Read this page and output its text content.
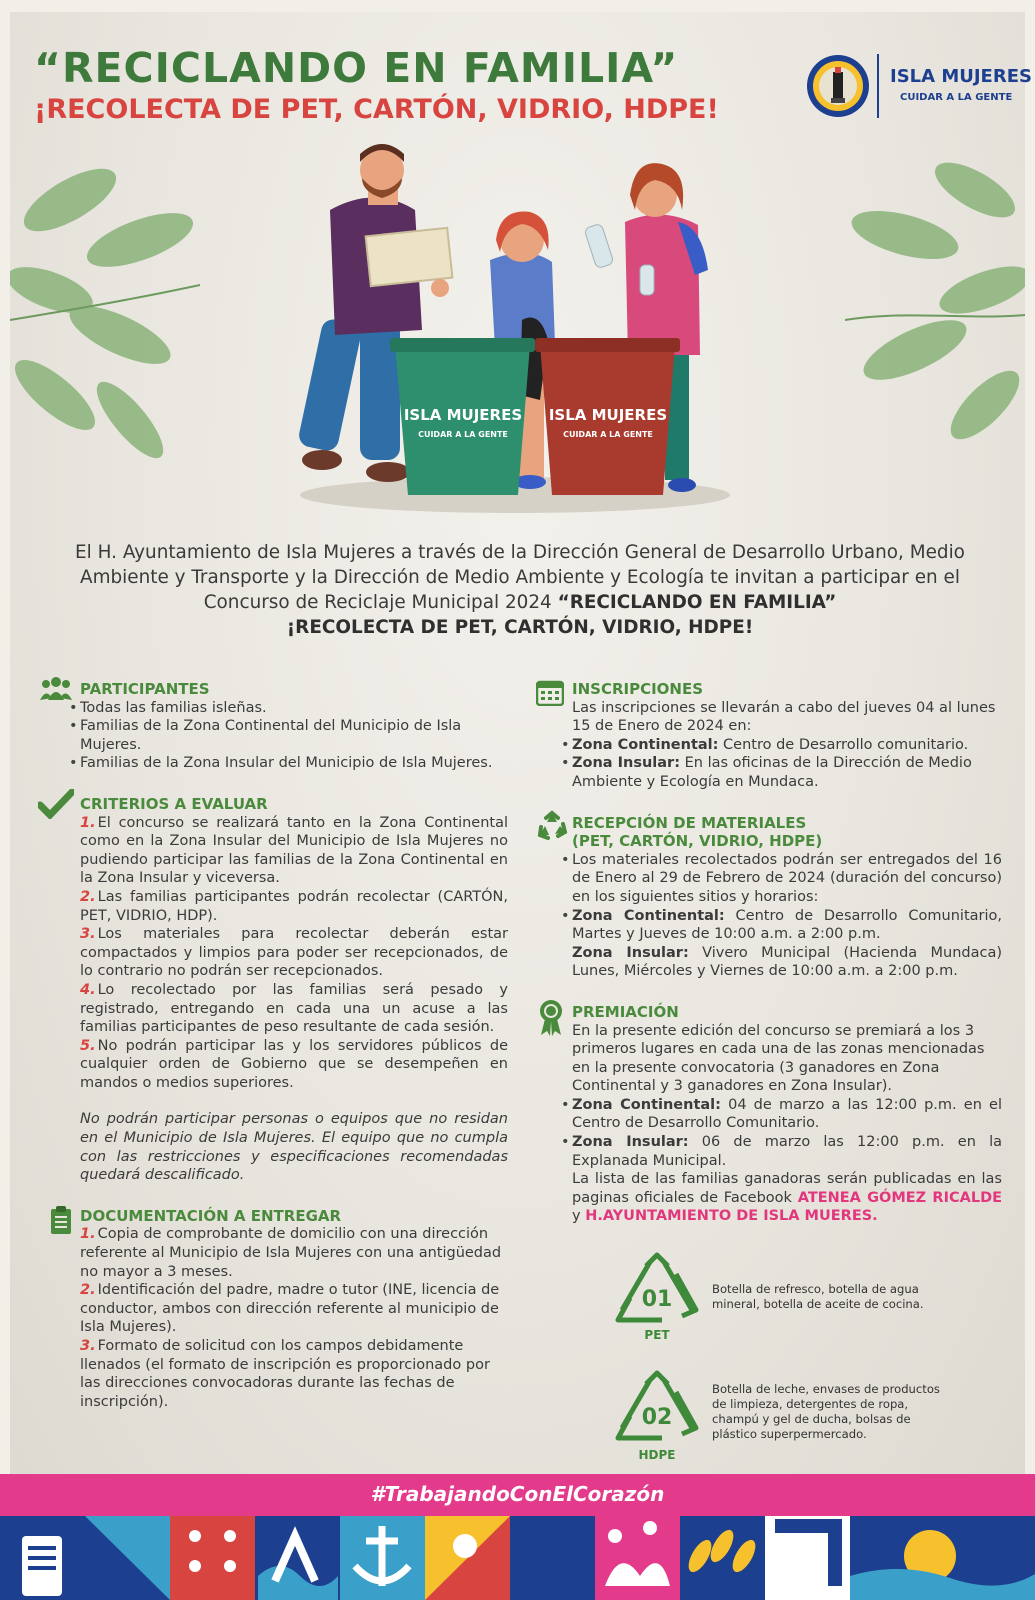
“RECICLANDO EN FAMILIA”
¡RECOLECTA DE PET, CARTÓN, VIDRIO, HDPE!
ISLA MUJERES
CUIDAR A LA GENTE
ISLA MUJERES
CUIDAR A LA GENTE
ISLA MUJERES
CUIDAR A LA GENTE

El H. Ayuntamiento de Isla Mujeres a través de la Dirección General de Desarrollo Urbano, Medio Ambiente y Transporte y la Dirección de Medio Ambiente y Ecología te invitan a participar en el Concurso de Reciclaje Municipal 2024 “RECICLANDO EN FAMILIA”
¡RECOLECTA DE PET, CARTÓN, VIDRIO, HDPE!

PARTICIPANTES

• Todas las familias isleñas.

• Familias de la Zona Continental del Municipio de Isla Mujeres.

• Familias de la Zona Insular del Municipio de Isla Mujeres.

CRITERIOS A EVALUAR

1. El concurso se realizará tanto en la Zona Continental como en la Zona Insular del Municipio de Isla Mujeres no pudiendo participar las familias de la Zona Continental en la Zona Insular y viceversa.

2. Las familias participantes podrán recolectar (CARTÓN, PET, VIDRIO, HDP).

3. Los materiales para recolectar deberán estar compactados y limpios para poder ser recepcionados, de lo contrario no podrán ser recepcionados.

4. Lo recolectado por las familias será pesado y registrado, entregando en cada una un acuse a las familias participantes de peso resultante de cada sesión.

5. No podrán participar las y los servidores públicos de cualquier orden de Gobierno que se desempeñen en mandos o medios superiores.

No podrán participar personas o equipos que no residan en el Municipio de Isla Mujeres. El equipo que no cumpla con las restricciones y especificaciones recomendadas quedará descalificado.

DOCUMENTACIÓN A ENTREGAR

1. Copia de comprobante de domicilio con una dirección referente al Municipio de Isla Mujeres con una antigüedad no mayor a 3 meses.

2. Identificación del padre, madre o tutor (INE, licencia de conductor, ambos con dirección referente al municipio de Isla Mujeres).

3. Formato de solicitud con los campos debidamente llenados (el formato de inscripción es proporcionado por las direcciones convocadoras durante las fechas de inscripción).

INSCRIPCIONES

Las inscripciones se llevarán a cabo del jueves 04 al lunes 15 de Enero de 2024 en:

• Zona Continental: Centro de Desarrollo comunitario.

• Zona Insular: En las oficinas de la Dirección de Medio Ambiente y Ecología en Mundaca.

RECEPCIÓN DE MATERIALES

(PET, CARTÓN, VIDRIO, HDPE)

• Los materiales recolectados podrán ser entregados del 16 de Enero al 29 de Febrero de 2024 (duración del concurso) en los siguientes sitios y horarios:

• Zona Continental: Centro de Desarrollo Comunitario, Martes y Jueves de 10:00 a.m. a 2:00 p.m.

Zona Insular: Vivero Municipal (Hacienda Mundaca) Lunes, Miércoles y Viernes de 10:00 a.m. a 2:00 p.m.

PREMIACIÓN

En la presente edición del concurso se premiará a los 3 primeros lugares en cada una de las zonas mencionadas en la presente convocatoria (3 ganadores en Zona Continental y 3 ganadores en Zona Insular).

• Zona Continental: 04 de marzo a las 12:00 p.m. en el Centro de Desarrollo Comunitario.

• Zona Insular: 06 de marzo las 12:00 p.m. en la Explanada Municipal.

La lista de las familias ganadoras serán publicadas en las paginas oficiales de Facebook ATENEA GÓMEZ RICALDE y H.AYUNTAMIENTO DE ISLA MUERES.

01
PET
Botella de refresco, botella de agua mineral, botella de aceite de cocina.
02
HDPE
Botella de leche, envases de productos de limpieza, detergentes de ropa, champú y gel de ducha, bolsas de plástico superpermercado.
#TrabajandoConElCorazón
